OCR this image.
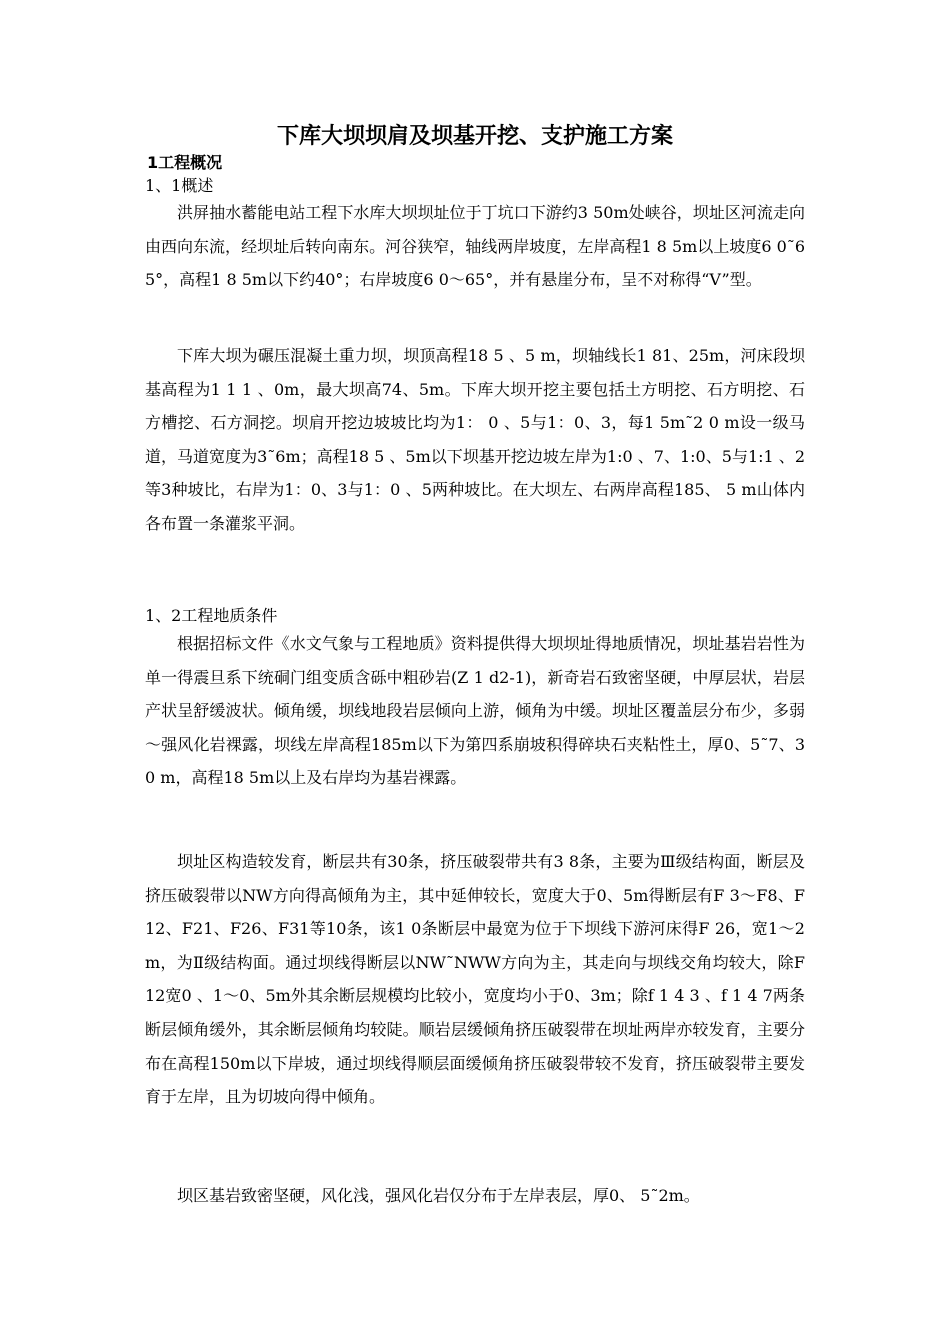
下库大坝坝肩及坝基开挖、支护施工方案
1工程概况
1、1概述

洪屏抽水蓄能电站工程下水库大坝坝址位于丁坑口下游约3 50m处峡谷，坝址区河流走向由西向东流，经坝址后转向南东。河谷狭窄，轴线两岸坡度，左岸高程1 8 5m以上坡度6 0˜6 5°，高程1 8 5m以下约40°；右岸坡度6 0～65°，并有悬崖分布，呈不对称得“V”型。

下库大坝为碾压混凝土重力坝，坝顶高程18 5 、5 m，坝轴线长1 81、25m，河床段坝基高程为1 1 1 、0m，最大坝高74、5m。下库大坝开挖主要包括土方明挖、石方明挖、石方槽挖、石方洞挖。坝肩开挖边坡坡比均为1： 0 、5与1：0、3，每1 5m˜2 0 m设一级马道，马道宽度为3˜6m；高程18 5 、5m以下坝基开挖边坡左岸为1:0 、7、1:0、5与1:1 、2等3种坡比，右岸为1：0、3与1：0 、5两种坡比。在大坝左、右两岸高程185、 5 m山体内各布置一条灌浆平洞。

1、2工程地质条件

根据招标文件《水文气象与工程地质》资料提供得大坝坝址得地质情况，坝址基岩岩性为单一得震旦系下统硐门组变质含砾中粗砂岩(Z 1 d2-1)，新奇岩石致密坚硬，中厚层状，岩层产状呈舒缓波状。倾角缓，坝线地段岩层倾向上游，倾角为中缓。坝址区覆盖层分布少，多弱～强风化岩裸露，坝线左岸高程185m以下为第四系崩坡积得碎块石夹粘性土，厚0、5˜7、3 0 m，高程18 5m以上及右岸均为基岩裸露。

坝址区构造较发育，断层共有30条，挤压破裂带共有3 8条，主要为Ⅲ级结构面，断层及挤压破裂带以NW方向得高倾角为主，其中延伸较长，宽度大于0、5m得断层有F 3～F8、F12、F21、F26、F31等10条，该1 0条断层中最宽为位于下坝线下游河床得F 26，宽1～2 m，为Ⅱ级结构面。通过坝线得断层以NW˜NWW方向为主，其走向与坝线交角均较大，除F12宽0 、1～0、5m外其余断层规模均比较小，宽度均小于0、3m；除f 1 4 3 、f 1 4 7两条断层倾角缓外，其余断层倾角均较陡。顺岩层缓倾角挤压破裂带在坝址两岸亦较发育，主要分布在高程150m以下岸坡，通过坝线得顺层面缓倾角挤压破裂带较不发育，挤压破裂带主要发育于左岸，且为切坡向得中倾角。

坝区基岩致密坚硬，风化浅，强风化岩仅分布于左岸表层，厚0、 5˜2m。
